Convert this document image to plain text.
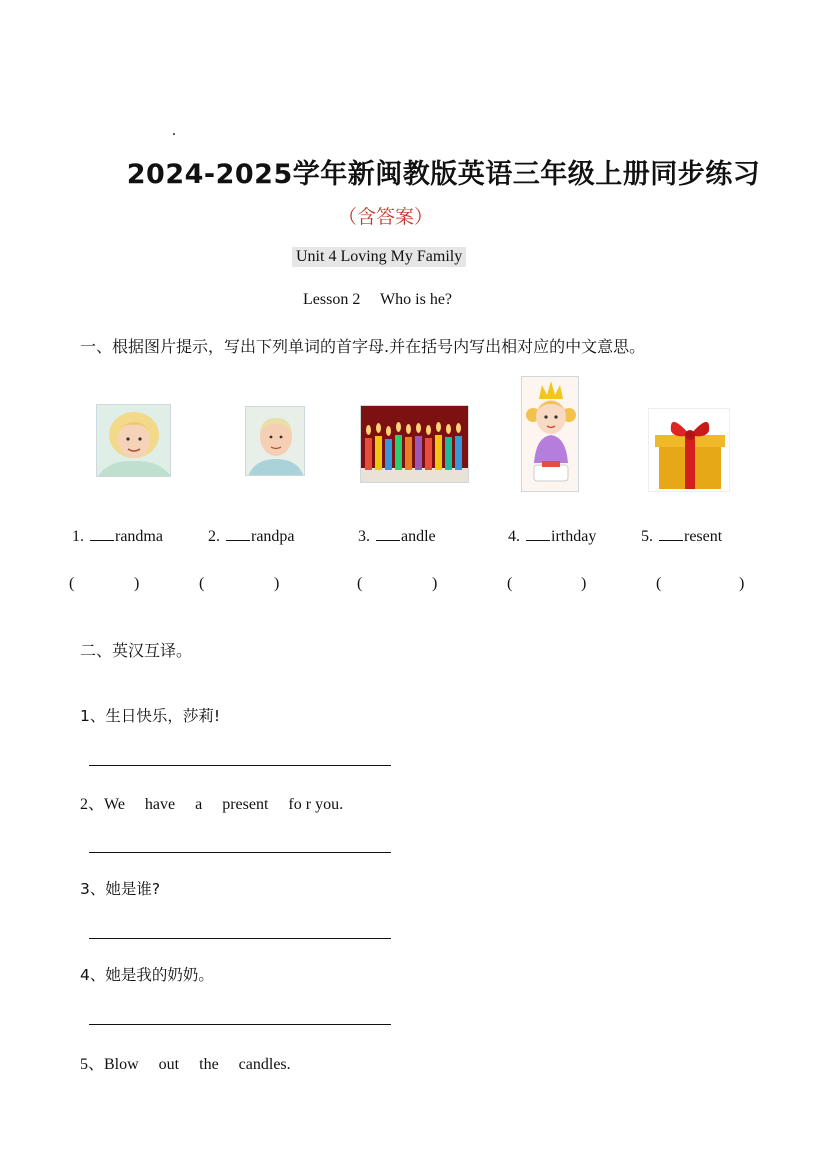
.
2024-2025学年新闽教版英语三年级上册同步练习
（含答案）
Unit 4 Loving My Family
Lesson 2     Who is he?
一、根据图片提示，写出下列单词的首字母.并在括号内写出相对应的中文意思。

1. randma	2. randpa	3. andle	4. irthday	5. resent

(	)	(	)	(	)	(	)	(	)
二、英汉互译。
1、生日快乐，莎莉!
2、We     have     a     present     fo r you.
3、她是谁?
4、她是我的奶奶。
5、Blow     out     the     candles.
